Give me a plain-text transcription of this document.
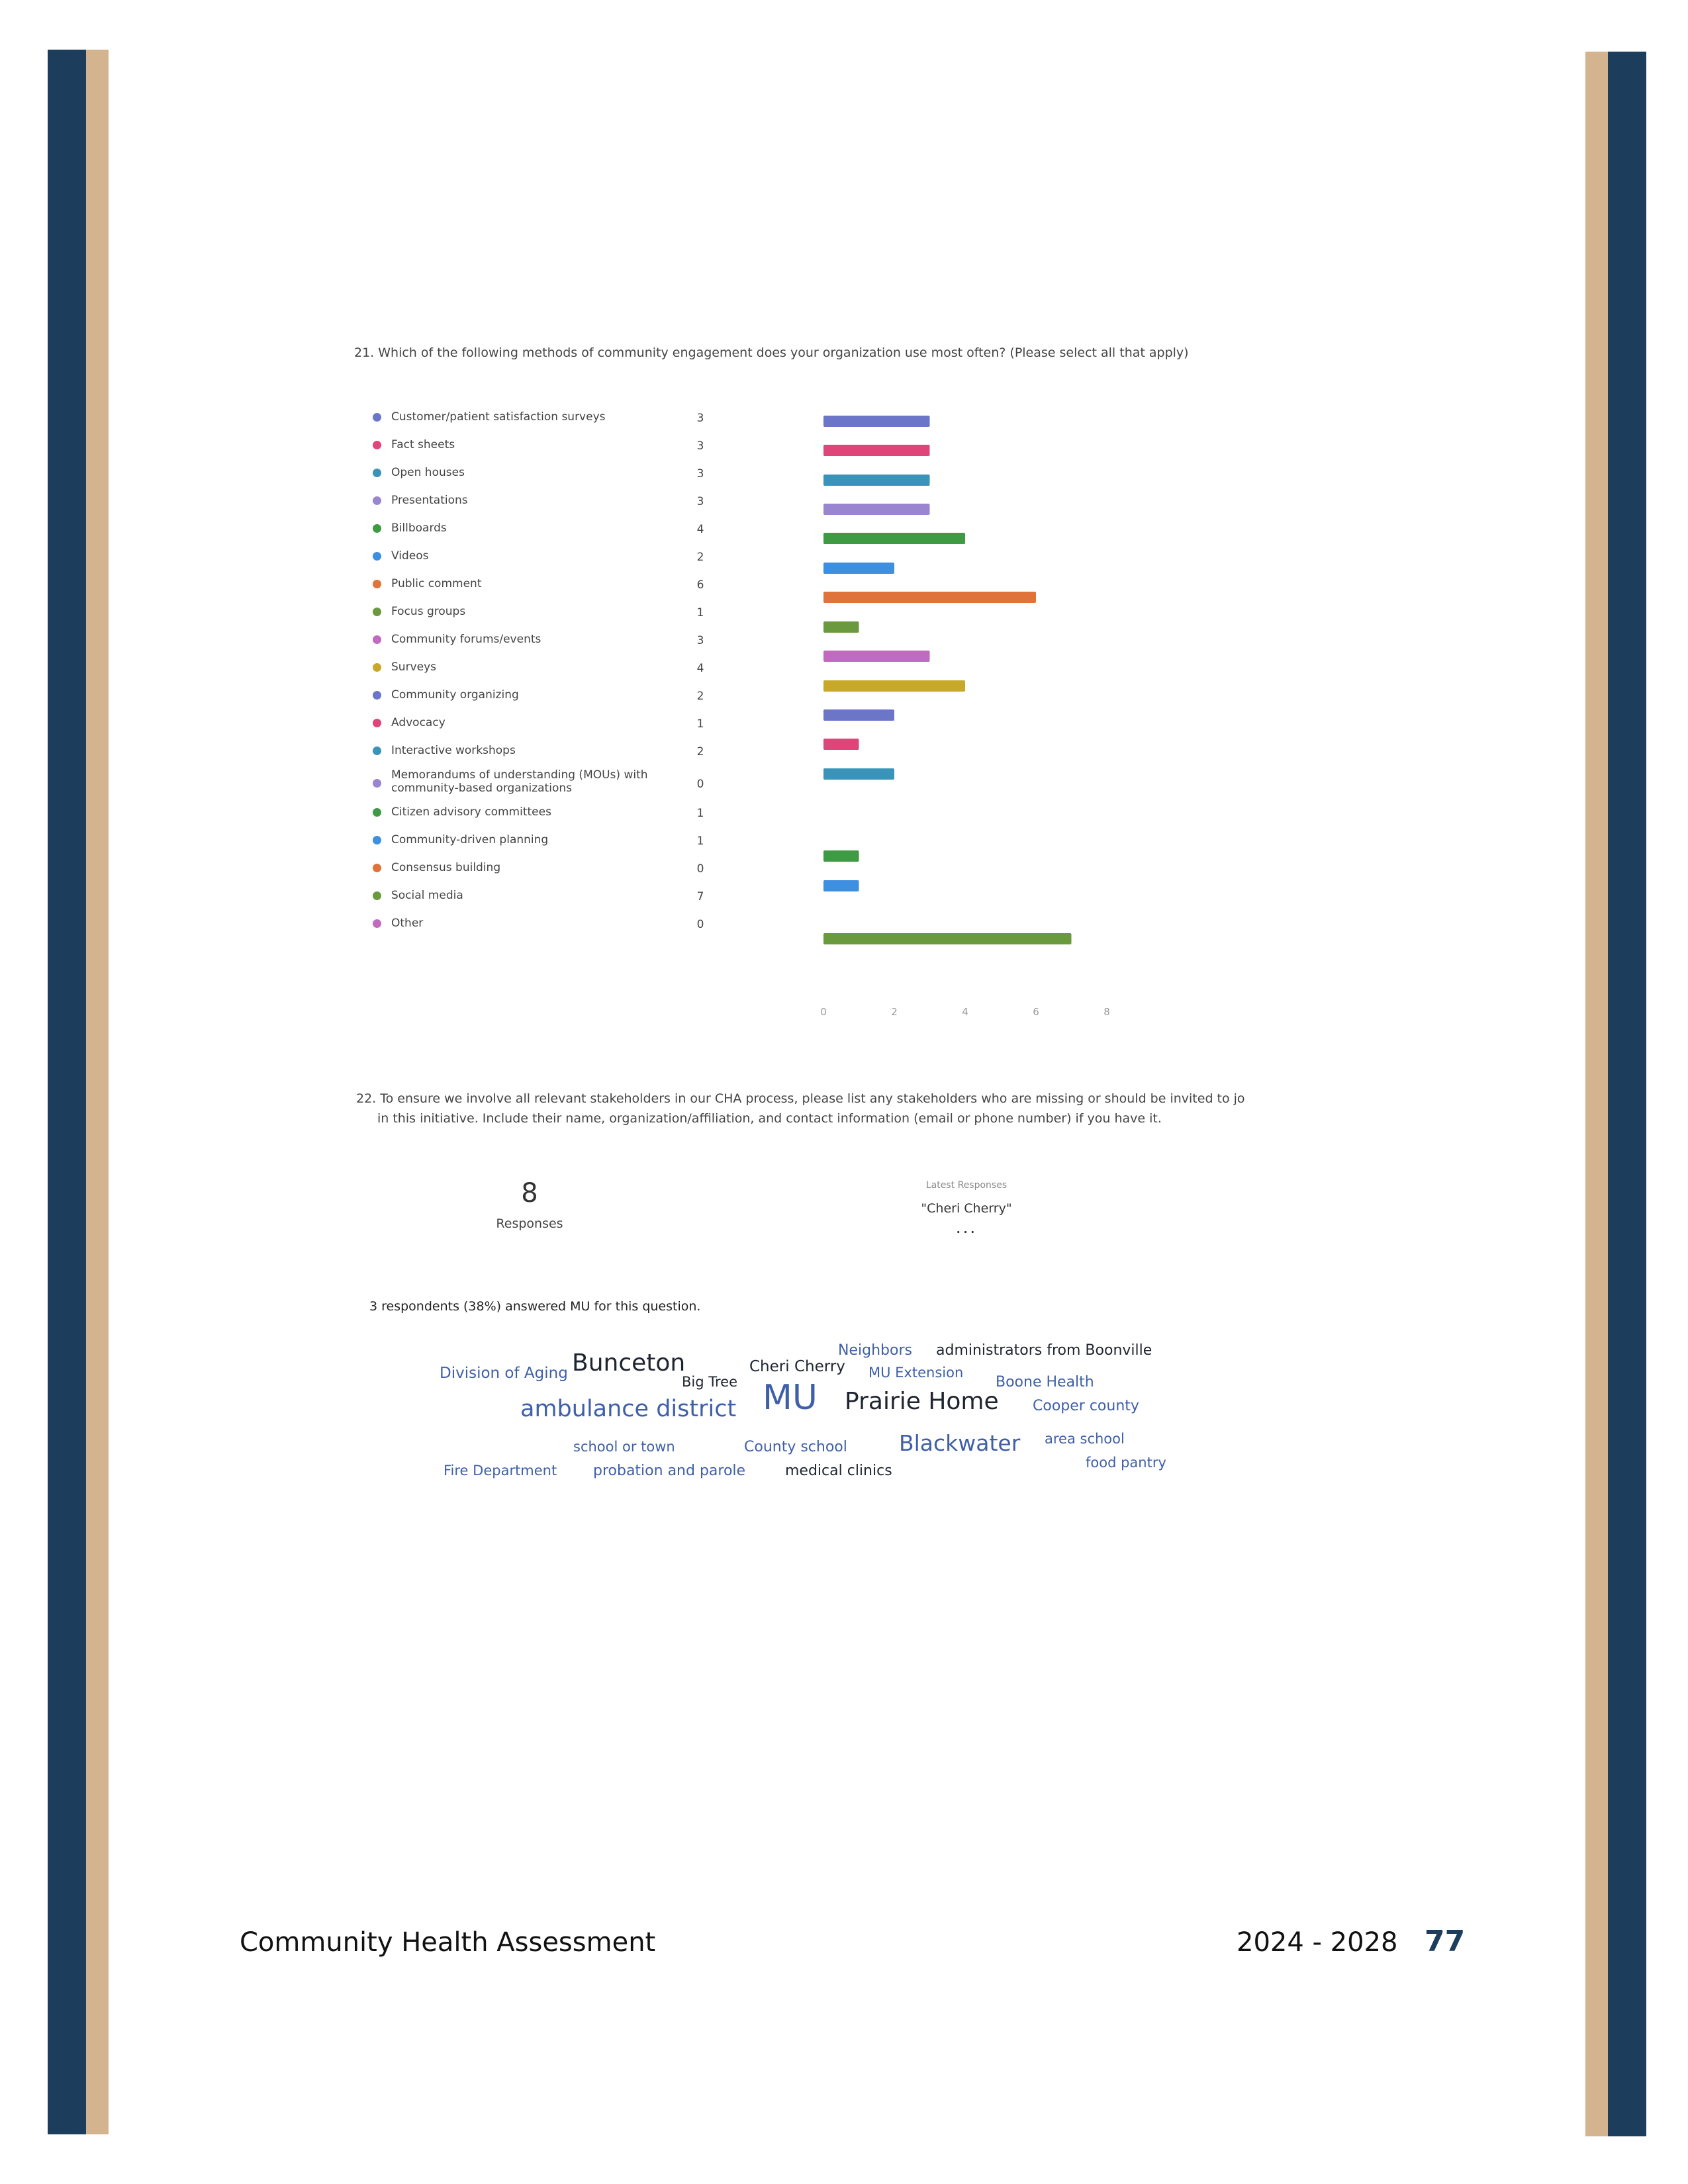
21. Which of the following methods of community engagement does your organization use most often? (Please select all that apply)
Customer/patient satisfaction surveys	3
Fact sheets	3
Open houses	3
Presentations	3
Billboards	4
Videos	2
Public comment	6
Focus groups	1
Community forums/events	3
Surveys	4
Community organizing	2
Advocacy	1
Interactive workshops	2
Memorandums of understanding (MOUs) with community-based organizations	0
Citizen advisory committees	1
Community-driven planning	1
Consensus building	0
Social media	7
Other	0
0	2	4	6	8
22. To ensure we involve all relevant stakeholders in our CHA process, please list any stakeholders who are missing or should be invited to jo
in this initiative. Include their name, organization/affiliation, and contact information (email or phone number) if you have it.
8
Responses
Latest Responses
"Cheri Cherry"
...
3 respondents (38%) answered MU for this question.
Neighbors administrators from Boonville
Division of Aging Bunceton	Cheri Cherry MU Extension
Big Tree	Boone Health
MU Prairie Home
ambulance district	Cooper county
Blackwater area school
school or town	County school
food pantry
Fire Department probation and parole	medical clinics
Community Health Assessment	2024 - 2028 77
